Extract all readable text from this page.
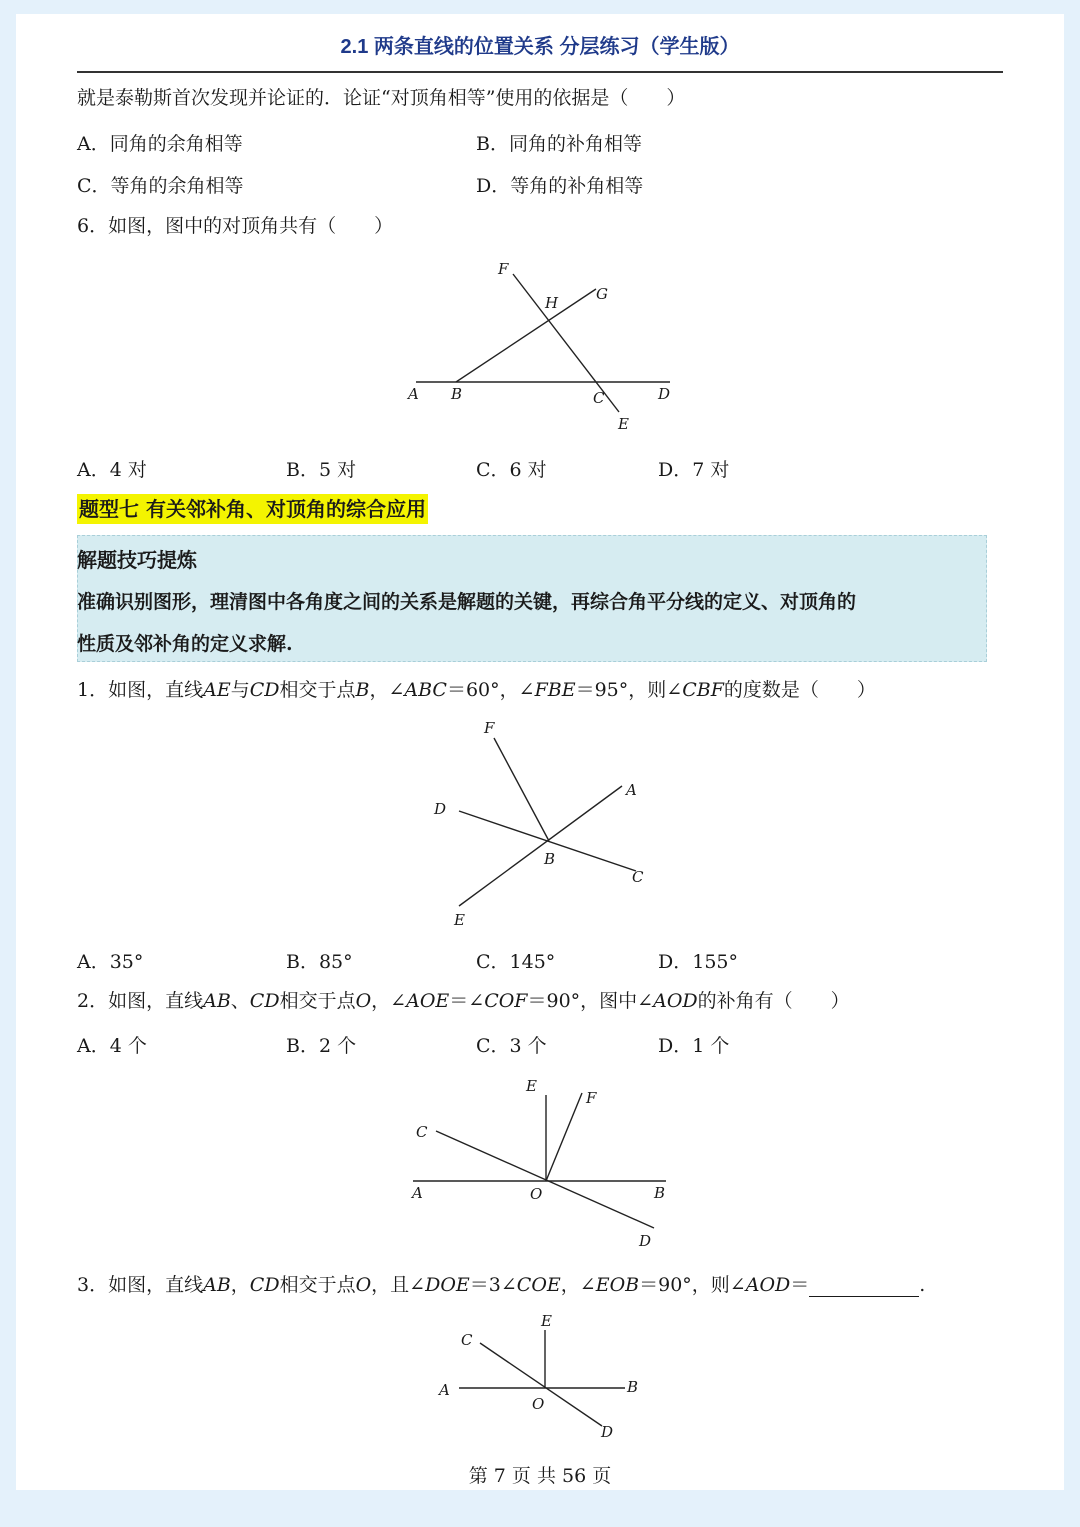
2.1 两条直线的位置关系 分层练习（学生版）
就是泰勒斯首次发现并论证的．论证“对顶角相等”使用的依据是（　　）
A．同角的余角相等	B．同角的补角相等
C．等角的余角相等	D．等角的补角相等
6．如图，图中的对顶角共有（　　）
F
H	G
A B	C	D
E
A．4 对	B．5 对	C．6 对	D．7 对
题型七 有关邻补角、对顶角的综合应用
解题技巧提炼
准确识别图形，理清图中各角度之间的关系是解题的关键，再综合角平分线的定义、对顶角的
性质及邻补角的定义求解.
1．如图，直线AE与CD相交于点B，∠ABC＝60°，∠FBE＝95°，则∠CBF的度数是（　　）
F
A
D
B
C
E
A．35°	B．85°	C．145°	D．155°
2．如图，直线AB、CD相交于点O，∠AOE＝∠COF＝90°，图中∠AOD的补角有（　　）
A．4 个	B．2 个	C．3 个	D．1 个
E
F
C
A	O	B
D
3．如图，直线AB，CD相交于点O，且∠DOE＝3∠COE，∠EOB＝90°，则∠AOD＝	.
E
C
A	B
O
D
第 7 页 共 56 页
